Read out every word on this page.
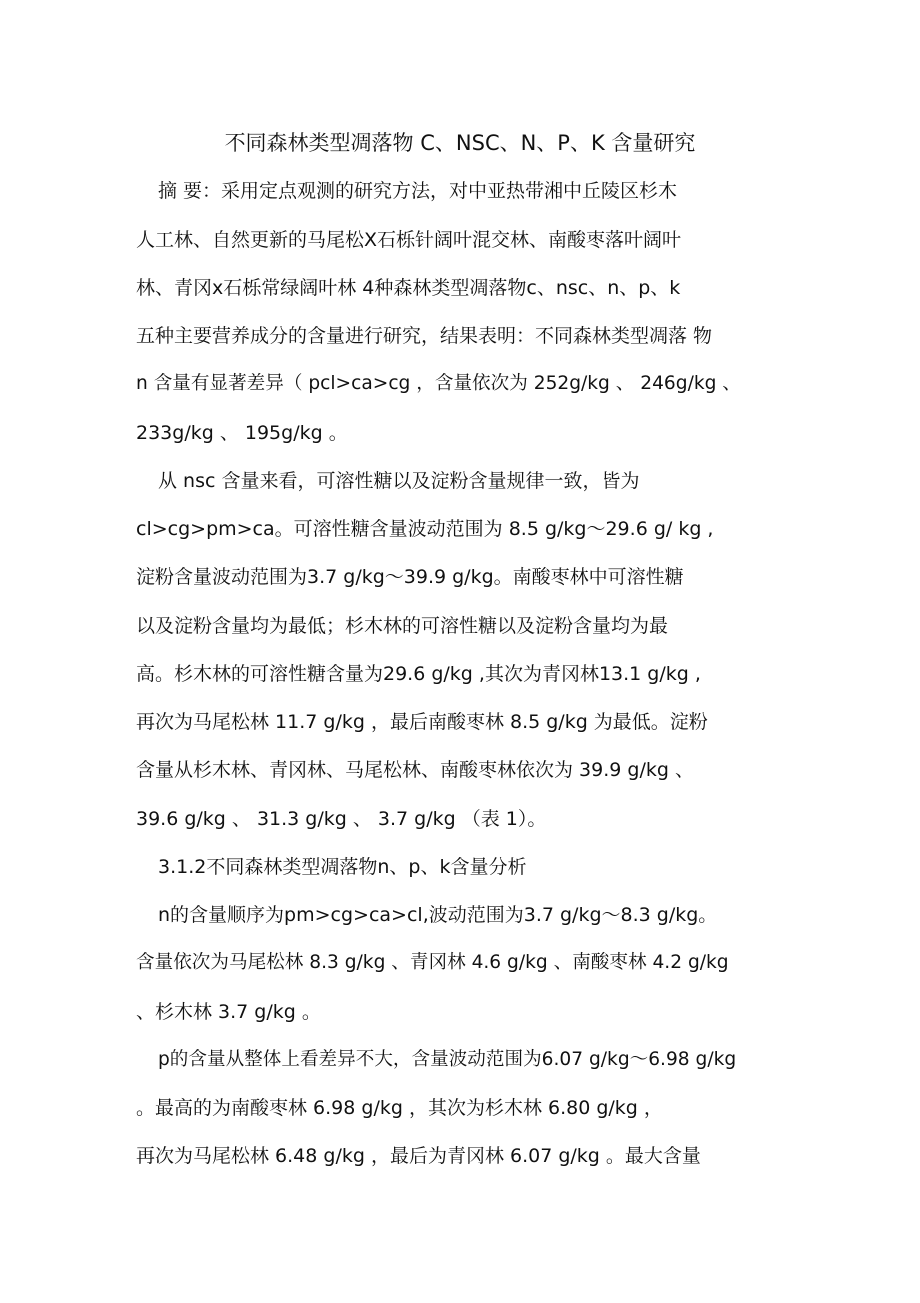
不同森林类型凋落物 C、NSC、N、P、K 含量研究
摘 要：采用定点观测的研究方法，对中亚热带湘中丘陵区杉木
人工林、自然更新的马尾松X石栎针阔叶混交林、南酸枣落叶阔叶
林、青冈x石栎常绿阔叶林 4种森林类型凋落物c、nsc、n、p、k
五种主要营养成分的含量进行研究，结果表明：不同森林类型凋落 物
n 含量有显著差异（ pcl>ca>cg ，含量依次为 252g/kg 、 246g/kg 、
233g/kg 、 195g/kg 。
从 nsc 含量来看，可溶性糖以及淀粉含量规律一致，皆为
cl>cg>pm>ca。可溶性糖含量波动范围为 8.5 g/kg～29.6 g/ kg ,
淀粉含量波动范围为3.7 g/kg～39.9 g/kg。南酸枣林中可溶性糖
以及淀粉含量均为最低；杉木林的可溶性糖以及淀粉含量均为最
高。杉木林的可溶性糖含量为29.6 g/kg ,其次为青冈林13.1 g/kg ,
再次为马尾松林 11.7 g/kg ，最后南酸枣林 8.5 g/kg 为最低。淀粉
含量从杉木林、青冈林、马尾松林、南酸枣林依次为 39.9 g/kg 、
39.6 g/kg 、 31.3 g/kg 、 3.7 g/kg （表 1）。
3.1.2不同森林类型凋落物n、p、k含量分析
n的含量顺序为pm>cg>ca>cl,波动范围为3.7 g/kg～8.3 g/kg。
含量依次为马尾松林 8.3 g/kg 、青冈林 4.6 g/kg 、南酸枣林 4.2 g/kg
、杉木林 3.7 g/kg 。
p的含量从整体上看差异不大，含量波动范围为6.07 g/kg～6.98 g/kg
。最高的为南酸枣林 6.98 g/kg ，其次为杉木林 6.80 g/kg ，
再次为马尾松林 6.48 g/kg ，最后为青冈林 6.07 g/kg 。最大含量
